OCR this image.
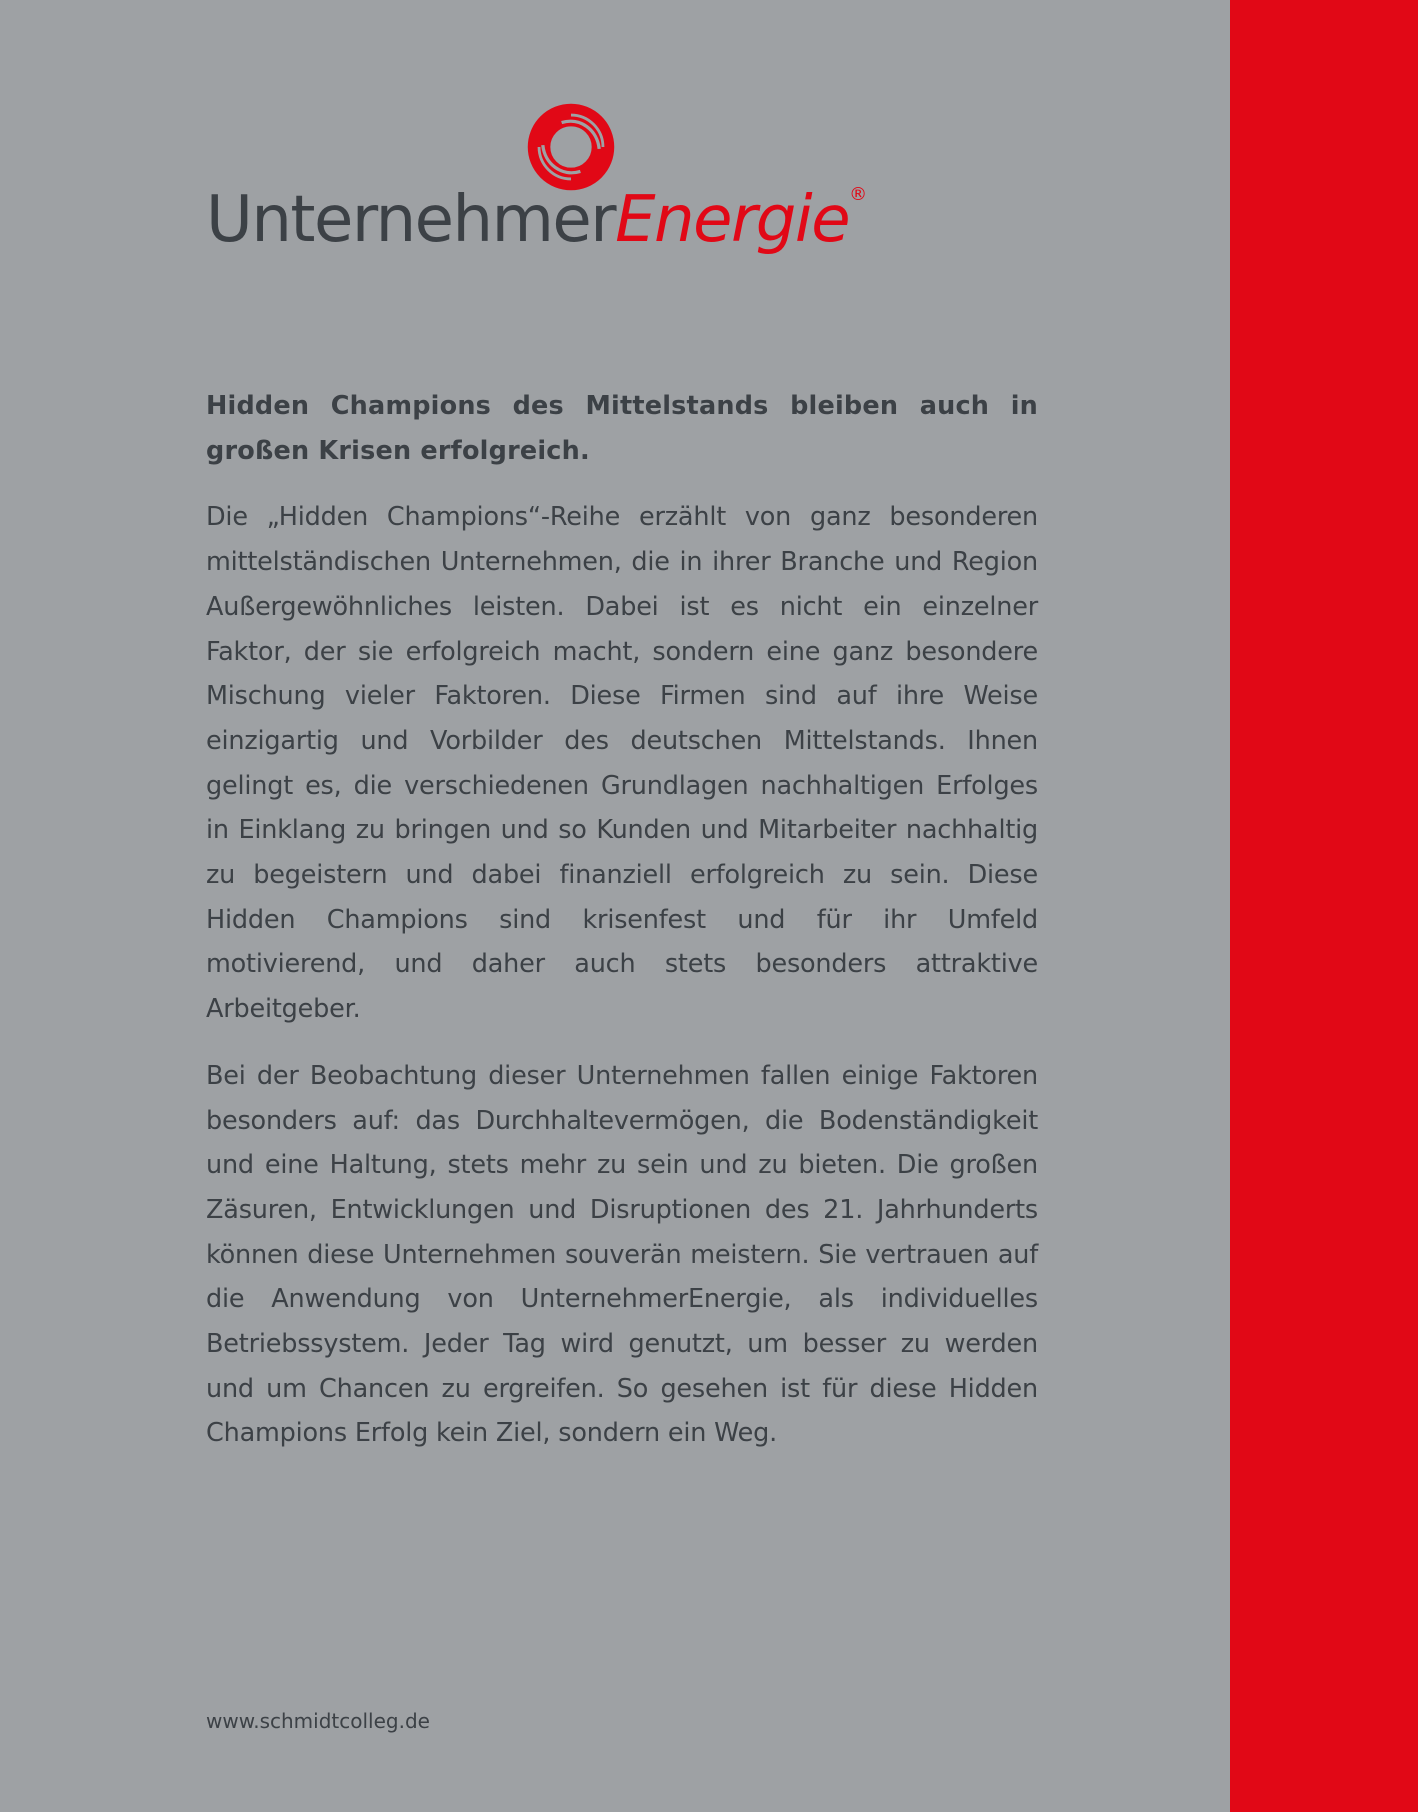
UnternehmerEnergie®

Hidden Champions des Mittelstands bleiben auch in großen Krisen erfolgreich.

Die „Hidden Champions“-Reihe erzählt von ganz besonderen mittelständischen Unternehmen, die in ihrer Branche und Region Außergewöhnliches leisten. Dabei ist es nicht ein einzelner Faktor, der sie erfolgreich macht, sondern eine ganz besondere Mischung vieler Faktoren. Diese Firmen sind auf ihre Weise einzigartig und Vorbilder des deutschen Mittelstands. Ihnen gelingt es, die verschiedenen Grundlagen nachhaltigen Erfolges in Einklang zu bringen und so Kunden und Mitarbeiter nachhaltig zu begeistern und dabei finanziell erfolgreich zu sein. Diese Hidden Champions sind krisenfest und für ihr Umfeld motivierend, und daher auch stets besonders attraktive Arbeitgeber.

Bei der Beobachtung dieser Unternehmen fallen einige Faktoren besonders auf: das Durchhaltevermögen, die Bodenständigkeit und eine Haltung, stets mehr zu sein und zu bieten. Die großen Zäsuren, Entwicklungen und Disruptionen des 21. Jahrhunderts können diese Unternehmen souverän meistern. Sie vertrauen auf die Anwendung von UnternehmerEnergie, als individuelles Betriebssystem. Jeder Tag wird genutzt, um besser zu werden und um Chancen zu ergreifen. So gesehen ist für diese Hidden Champions Erfolg kein Ziel, sondern ein Weg.

www.schmidtcolleg.de
